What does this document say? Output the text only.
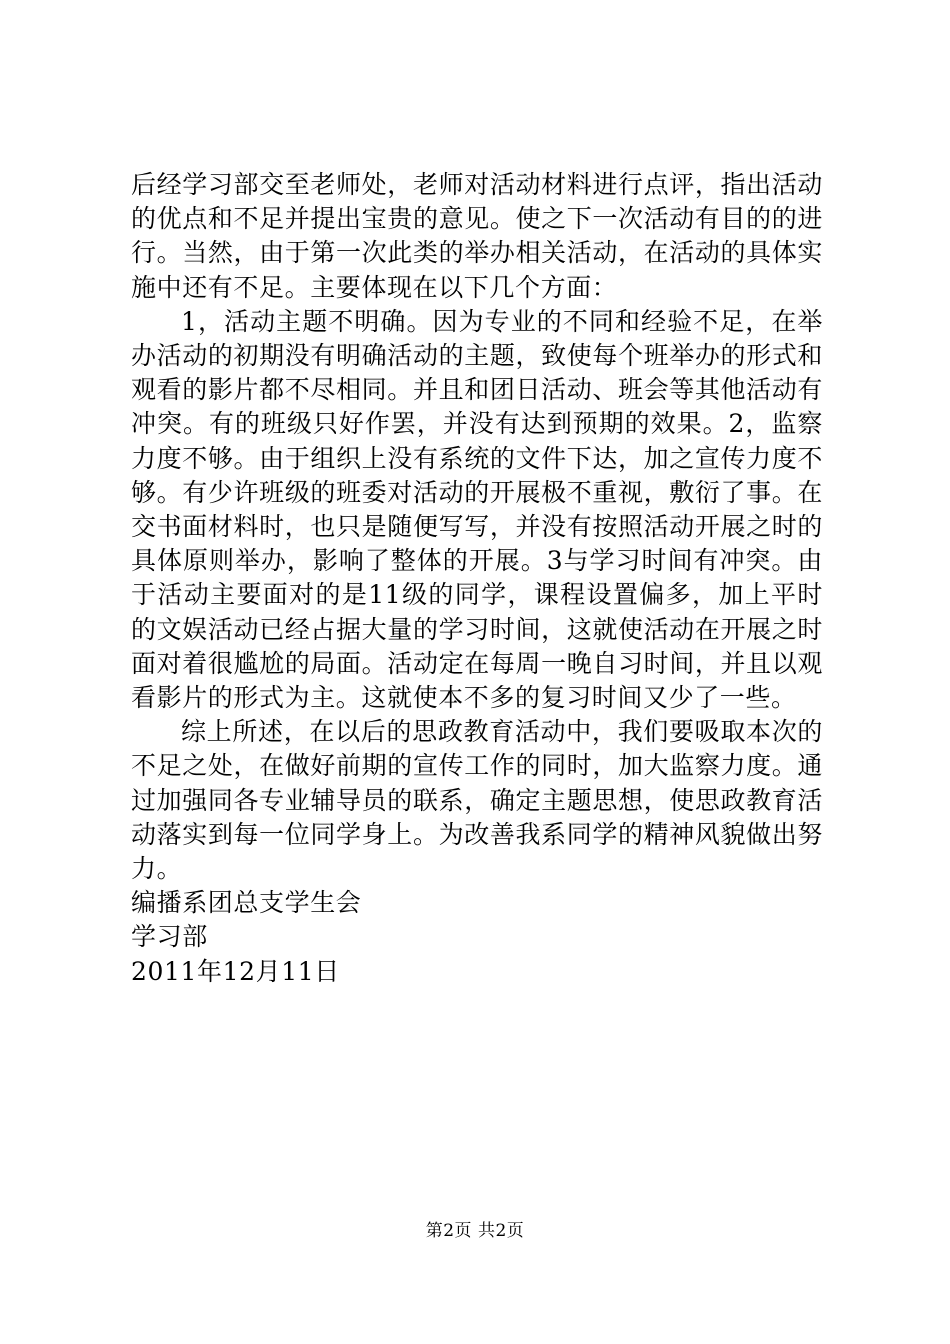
后经学习部交至老师处，老师对活动材料进行点评，指出活动的优点和不足并提出宝贵的意见。使之下一次活动有目的的进行。当然，由于第一次此类的举办相关活动，在活动的具体实施中还有不足。主要体现在以下几个方面：

1，活动主题不明确。因为专业的不同和经验不足，在举办活动的初期没有明确活动的主题，致使每个班举办的形式和观看的影片都不尽相同。并且和团日活动、班会等其他活动有冲突。有的班级只好作罢，并没有达到预期的效果。2，监察力度不够。由于组织上没有系统的文件下达，加之宣传力度不够。有少许班级的班委对活动的开展极不重视，敷衍了事。在交书面材料时，也只是随便写写，并没有按照活动开展之时的具体原则举办，影响了整体的开展。3与学习时间有冲突。由于活动主要面对的是11级的同学，课程设置偏多，加上平时的文娱活动已经占据大量的学习时间，这就使活动在开展之时面对着很尴尬的局面。活动定在每周一晚自习时间，并且以观看影片的形式为主。这就使本不多的复习时间又少了一些。

综上所述，在以后的思政教育活动中，我们要吸取本次的不足之处，在做好前期的宣传工作的同时，加大监察力度。通过加强同各专业辅导员的联系，确定主题思想，使思政教育活动落实到每一位同学身上。为改善我系同学的精神风貌做出努力。

编播系团总支学生会

学习部

2011年12月11日

第2页 共2页
